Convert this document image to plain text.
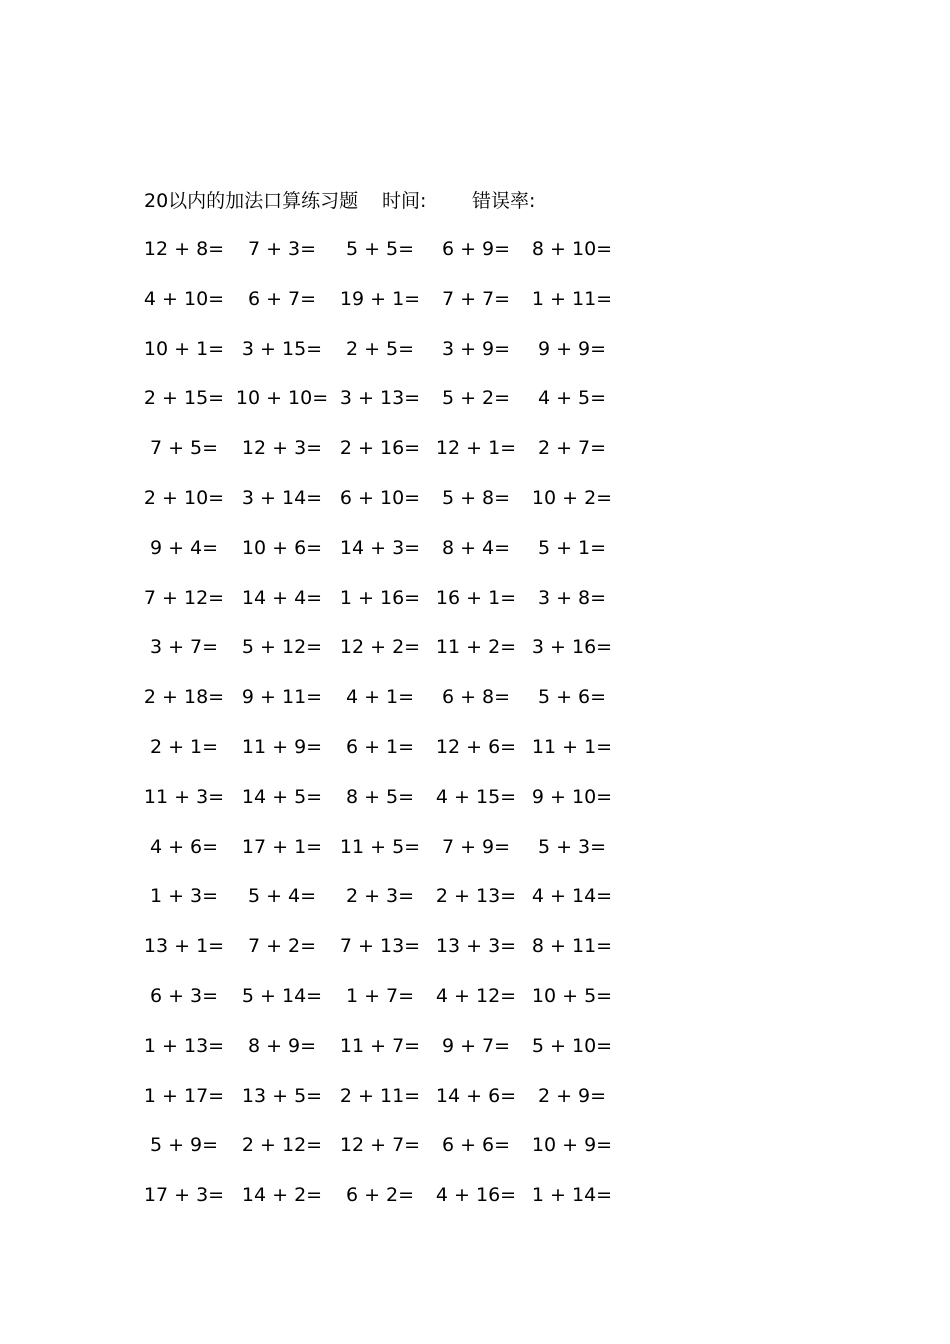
20以内的加法口算练习题 时间: 错误率:
12 + 8= 7 + 3= 5 + 5= 6 + 9= 8 + 10=
4 + 10= 6 + 7= 19 + 1= 7 + 7= 1 + 11=
10 + 1= 3 + 15= 2 + 5= 3 + 9= 9 + 9=
2 + 15= 10 + 10= 3 + 13= 5 + 2= 4 + 5=
7 + 5= 12 + 3= 2 + 16= 12 + 1= 2 + 7=
2 + 10= 3 + 14= 6 + 10= 5 + 8= 10 + 2=
9 + 4= 10 + 6= 14 + 3= 8 + 4= 5 + 1=
7 + 12= 14 + 4= 1 + 16= 16 + 1= 3 + 8=
3 + 7= 5 + 12= 12 + 2= 11 + 2= 3 + 16=
2 + 18= 9 + 11= 4 + 1= 6 + 8= 5 + 6=
2 + 1= 11 + 9= 6 + 1= 12 + 6= 11 + 1=
11 + 3= 14 + 5= 8 + 5= 4 + 15= 9 + 10=
4 + 6= 17 + 1= 11 + 5= 7 + 9= 5 + 3=
1 + 3= 5 + 4= 2 + 3= 2 + 13= 4 + 14=
13 + 1= 7 + 2= 7 + 13= 13 + 3= 8 + 11=
6 + 3= 5 + 14= 1 + 7= 4 + 12= 10 + 5=
1 + 13= 8 + 9= 11 + 7= 9 + 7= 5 + 10=
1 + 17= 13 + 5= 2 + 11= 14 + 6= 2 + 9=
5 + 9= 2 + 12= 12 + 7= 6 + 6= 10 + 9=
17 + 3= 14 + 2= 6 + 2= 4 + 16= 1 + 14=
